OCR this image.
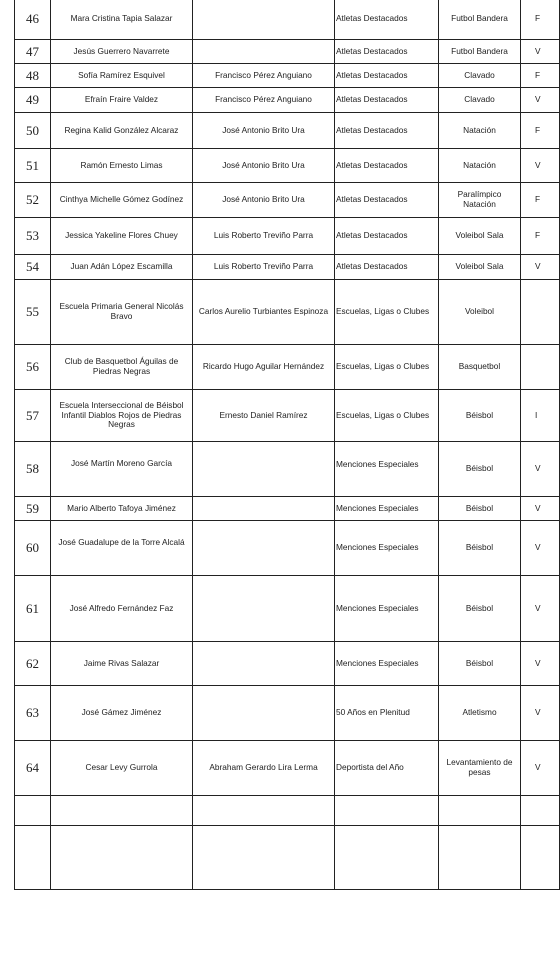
46	Mara Cristina Tapia Salazar		Atletas Destacados	Futbol Bandera	F
47	Jesús Guerrero Navarrete		Atletas Destacados	Futbol Bandera	V
48	Sofía Ramírez Esquivel	Francisco Pérez Anguiano	Atletas Destacados	Clavado	F
49	Efraín Fraire Valdez	Francisco Pérez Anguiano	Atletas Destacados	Clavado	V
50	Regina Kalid González Alcaraz	José Antonio Brito Ura	Atletas Destacados	Natación	F
51	Ramón Ernesto Limas	José Antonio Brito Ura	Atletas Destacados	Natación	V
52	Cinthya Michelle Gómez Godínez	José Antonio Brito Ura	Atletas Destacados	Paralímpico Natación	F
53	Jessica Yakeline Flores Chuey	Luis Roberto Treviño Parra	Atletas Destacados	Voleibol Sala	F
54	Juan Adán López Escamilla	Luis Roberto Treviño Parra	Atletas Destacados	Voleibol Sala	V
55	Escuela Primaria General Nicolás Bravo	Carlos Aurelio Turbiantes Espinoza	Escuelas, Ligas o Clubes	Voleibol	
56	Club de Basquetbol Águilas de Piedras Negras	Ricardo Hugo Aguilar Hernández	Escuelas, Ligas o Clubes	Basquetbol	
57	Escuela Interseccional de Béisbol Infantil Diablos Rojos de Piedras Negras	Ernesto Daniel Ramírez	Escuelas, Ligas o Clubes	Béisbol	I
58	José Martín Moreno García		Menciones Especiales	Béisbol	V
59	Mario Alberto Tafoya Jiménez		Menciones Especiales	Béisbol	V
60	José Guadalupe de la Torre Alcalá		Menciones Especiales	Béisbol	V
61	José Alfredo Fernández Faz		Menciones Especiales	Béisbol	V
62	Jaime Rivas Salazar		Menciones Especiales	Béisbol	V
63	José Gámez Jiménez		50 Años en Plenitud	Atletismo	V
64	Cesar Levy Gurrola	Abraham Gerardo Lira Lerma	Deportista del Año	Levantamiento de pesas	V
